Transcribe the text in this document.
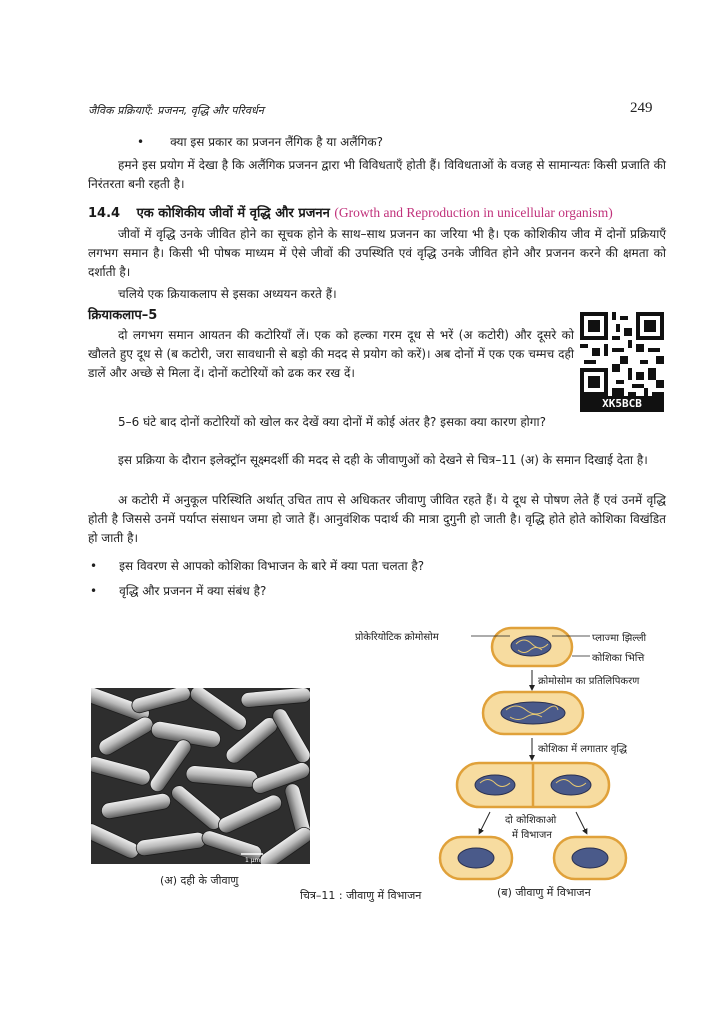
जैविक प्रक्रियाएँ: प्रजनन, वृद्धि और परिवर्धन	249
• क्या इस प्रकार का प्रजनन लैंगिक है या अलैंगिक?
हमने इस प्रयोग में देखा है कि अलैंगिक प्रजनन द्वारा भी विविधताएँ होती हैं। विविधताओं के वजह से सामान्यतः किसी प्रजाति की निरंतरता बनी रहती है।
14.4 एक कोशिकीय जीवों में वृद्धि और प्रजनन (Growth and Reproduction in unicellular organism)
जीवों में वृद्धि उनके जीवित होने का सूचक होने के साथ–साथ प्रजनन का जरिया भी है। एक कोशिकीय जीव में दोनों प्रक्रियाएँ लगभग समान है। किसी भी पोषक माध्यम में ऐसे जीवों की उपस्थिति एवं वृद्धि उनके जीवित होने और प्रजनन करने की क्षमता को दर्शाती है।
चलिये एक क्रियाकलाप से इसका अध्ययन करते हैं।
क्रियाकलाप–5
दो लगभग समान आयतन की कटोरियाँ लें। एक को हल्का गरम दूध से भरें (अ कटोरी) और दूसरे को खौलते हुए दूध से (ब कटोरी, जरा सावधानी से बड़ो की मदद से प्रयोग को करें)। अब दोनों में एक एक चम्मच दही डालें और अच्छे से मिला दें। दोनों कटोरियों को ढक कर रख दें।
XK5BCB
5–6 घंटे बाद दोनों कटोरियों को खोल कर देखें क्या दोनों में कोई अंतर है? इसका क्या कारण होगा?
इस प्रक्रिया के दौरान इलेक्ट्रॉन सूक्ष्मदर्शी की मदद से दही के जीवाणुओं को देखने से चित्र–11 (अ) के समान दिखाई देता है।
अ कटोरी में अनुकूल परिस्थिति अर्थात् उचित ताप से अधिकतर जीवाणु जीवित रहते हैं। ये दूध से पोषण लेते हैं एवं उनमें वृद्धि होती है जिससे उनमें पर्याप्त संसाधन जमा हो जाते हैं। आनुवंशिक पदार्थ की मात्रा दुगुनी हो जाती है। वृद्धि होते होते कोशिका विखंडित हो जाती है।
• इस विवरण से आपको कोशिका विभाजन के बारे में क्या पता चलता है?
• वृद्धि और प्रजनन में क्या संबंध है?
1 µm
(अ) दही के जीवाणु
चित्र–11 : जीवाणु में विभाजन	(ब) जीवाणु में विभाजन
प्रोकेरियोटिक क्रोमोसोम	प्लाज्मा झिल्ली
कोशिका भित्ति
क्रोमोसोम का प्रतिलिपिकरण
कोशिका में लगातार वृद्धि
दो कोशिकाओ
में विभाजन
